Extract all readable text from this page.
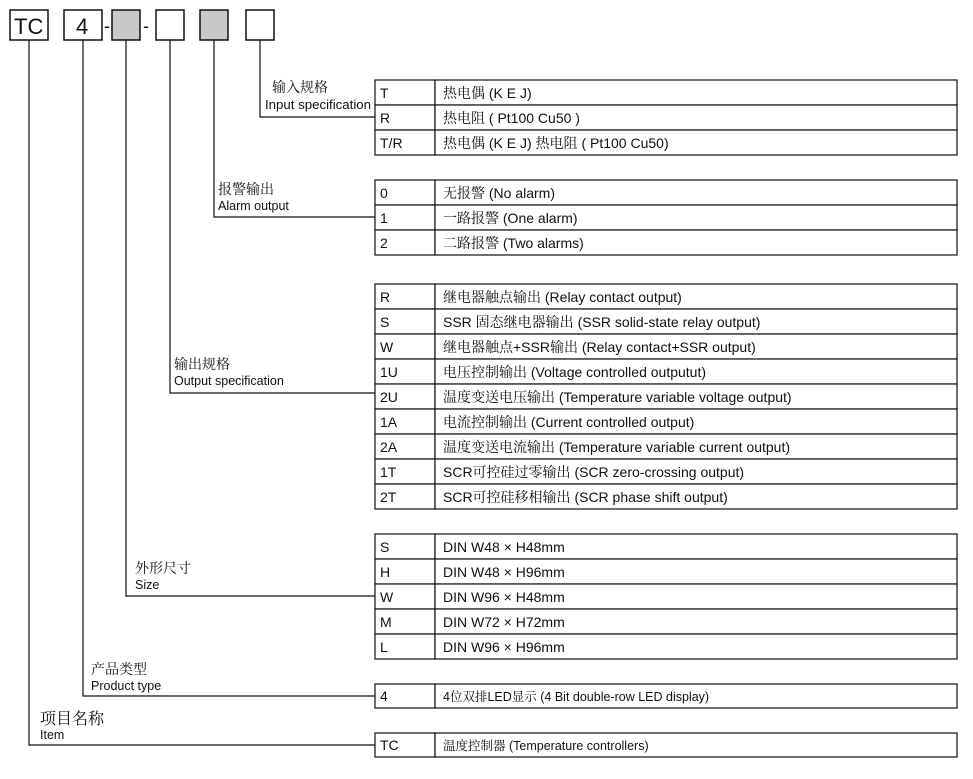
TC 4 - -
输入规格
Input specification
报警输出
Alarm output
输出规格
Output specification
外形尺寸
Size
产品类型
Product type
项目名称
Item
T	热电偶 (K E J)
R	热电阻 ( Pt100 Cu50 )
T/R	热电偶 (K E J) 热电阻 ( Pt100 Cu50)
0	无报警 (No alarm)
1	一路报警 (One alarm)
2	二路报警 (Two alarms)
R	继电器触点输出 (Relay contact output)
S	SSR 固态继电器输出 (SSR solid-state relay output)
W	继电器触点+SSR输出 (Relay contact+SSR output)
1U	电压控制输出 (Voltage controlled outputut)
2U	温度变送电压输出 (Temperature variable voltage output)
1A	电流控制输出 (Current controlled output)
2A	温度变送电流输出 (Temperature variable current output)
1T	SCR可控硅过零输出 (SCR zero-crossing output)
2T	SCR可控硅移相输出 (SCR phase shift output)
S	DIN W48 × H48mm
H	DIN W48 × H96mm
W	DIN W96 × H48mm
M	DIN W72 × H72mm
L	DIN W96 × H96mm
4	4位双排LED显示 (4 Bit double-row LED display)
TC	温度控制器 (Temperature controllers)
